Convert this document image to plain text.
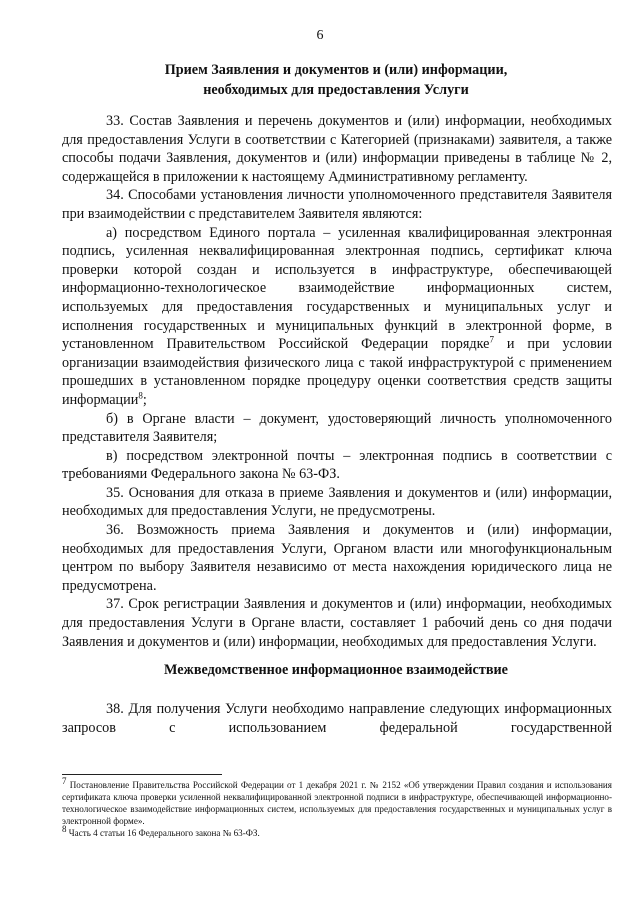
6
Прием Заявления и документов и (или) информации,
необходимых для предоставления Услуги

33. Состав Заявления и перечень документов и (или) информации, необходимых для предоставления Услуги в соответствии с Категорией (признаками) заявителя, а также способы подачи Заявления, документов и (или) информации приведены в таблице № 2, содержащейся в приложении к настоящему Административному регламенту.

34. Способами установления личности уполномоченного представителя Заявителя при взаимодействии с представителем Заявителя являются:

а) посредством Единого портала – усиленная квалифицированная электронная подпись, усиленная неквалифицированная электронная подпись, сертификат ключа проверки которой создан и используется в инфраструктуре, обеспечивающей информационно-технологическое взаимодействие информационных систем, используемых для предоставления государственных и муниципальных услуг и исполнения государственных и муниципальных функций в электронной форме, в установленном Правительством Российской Федерации порядке$^7$ и при условии организации взаимодействия физического лица с такой инфраструктурой с применением прошедших в установленном порядке процедуру оценки соответствия средств защиты информации$^8$;

б) в Органе власти – документ, удостоверяющий личность уполномоченного представителя Заявителя;

в) посредством электронной почты – электронная подпись в соответствии с требованиями Федерального закона № 63-ФЗ.

35. Основания для отказа в приеме Заявления и документов и (или) информации, необходимых для предоставления Услуги, не предусмотрены.

36. Возможность приема Заявления и документов и (или) информации, необходимых для предоставления Услуги, Органом власти или многофункциональным центром по выбору Заявителя независимо от места нахождения юридического лица не предусмотрена.

37. Срок регистрации Заявления и документов и (или) информации, необходимых для предоставления Услуги в Органе власти, составляет 1 рабочий день со дня подачи Заявления и документов и (или) информации, необходимых для предоставления Услуги.

Межведомственное информационное взаимодействие

38. Для получения Услуги необходимо направление следующих информационных запросов с использованием федеральной государственной

$^7$ Постановление Правительства Российской Федерации от 1 декабря 2021 г. № 2152 «Об утверждении Правил создания и использования сертификата ключа проверки усиленной неквалифицированной электронной подписи в инфраструктуре, обеспечивающей информационно-технологическое взаимодействие информационных систем, используемых для предоставления государственных и муниципальных услуг в электронной форме».

$^8$ Часть 4 статьи 16 Федерального закона № 63-ФЗ.
